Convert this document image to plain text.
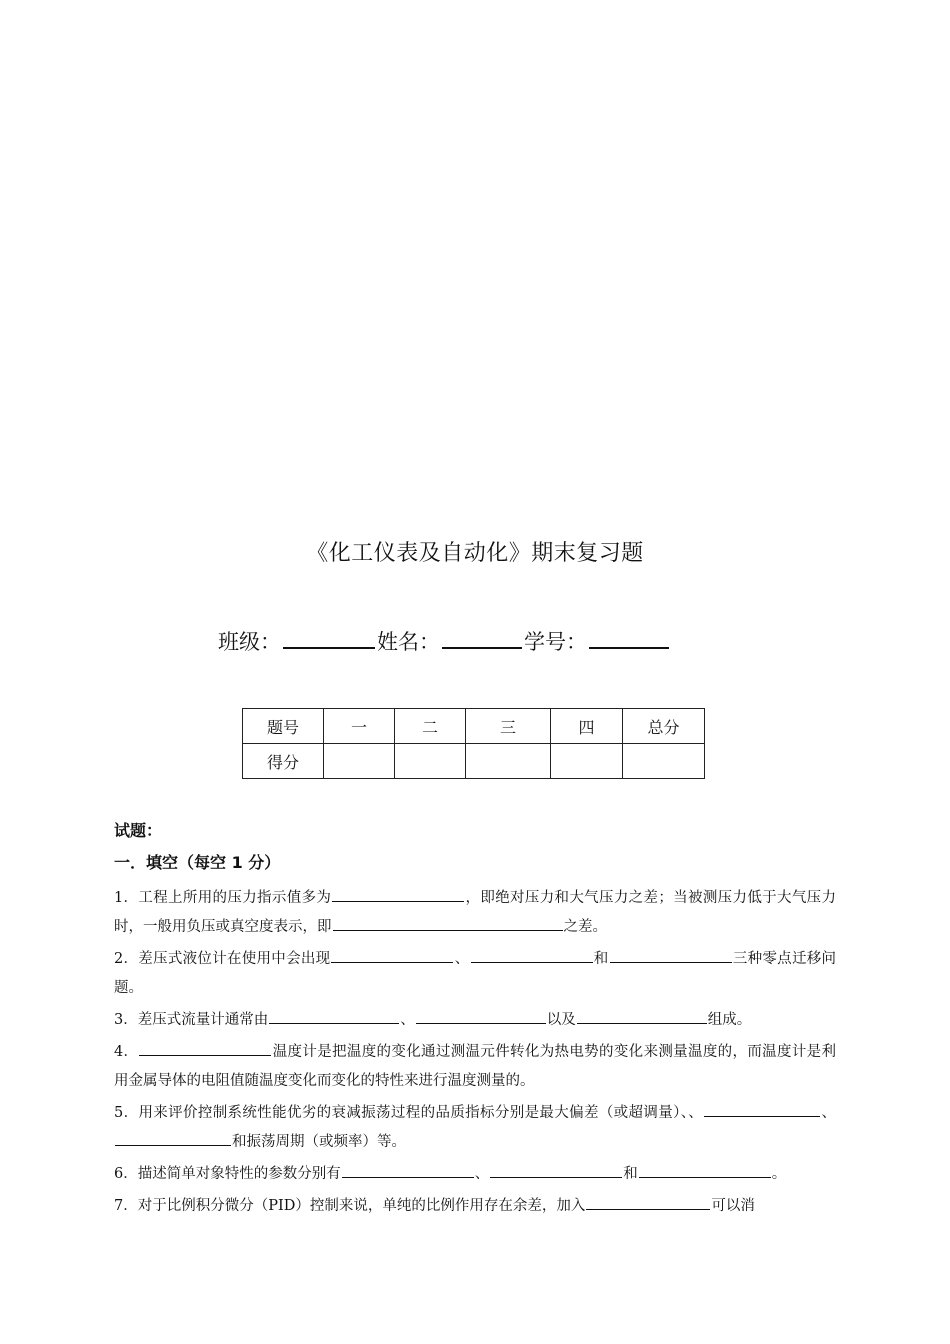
《化工仪表及自动化》期末复习题
班级：	姓名：	学号：
题号	一	二	三	四	总分
得分					
试题：
一．填空（每空 1 分）

1．工程上所用的压力指示值多为	，即绝对压力和大气压力之差；当被测压力低于大气压力时，一般用负压或真空度表示，即	之差。

2．差压式液位计在使用中会出现	、	和	三种零点迁移问题。

3．差压式流量计通常由	、	以及	组成。

4．	温度计是把温度的变化通过测温元件转化为热电势的变化来测量温度的，而温度计是利用金属导体的电阻值随温度变化而变化的特性来进行温度测量的。

5．用来评价控制系统性能优劣的衰减振荡过程的品质指标分别是最大偏差（或超调量）、、	、和振荡周期（或频率）等。

6．描述简单对象特性的参数分别有	、	和	。

7．对于比例积分微分（PID）控制来说，单纯的比例作用存在余差，加入	可以消
